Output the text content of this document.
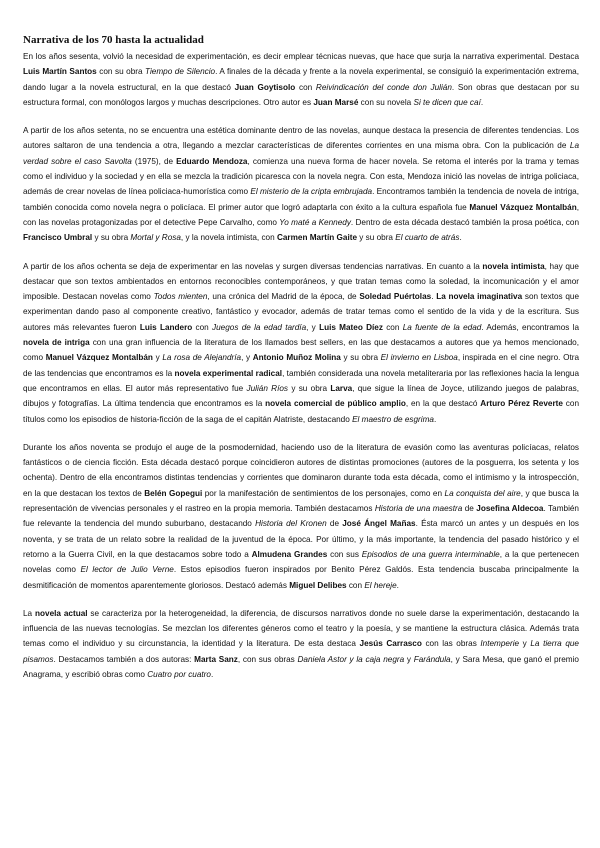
Narrativa de los 70 hasta la actualidad

En los años sesenta, volvió la necesidad de experimentación, es decir emplear técnicas nuevas, que hace que surja la narrativa experimental. Destaca Luis Martín Santos con su obra Tiempo de Silencio. A finales de la década y frente a la novela experimental, se consiguió la experimentación extrema, dando lugar a la novela estructural, en la que destacó Juan Goytisolo con Reivindicación del conde don Julián. Son obras que destacan por su estructura formal, con monólogos largos y muchas descripciones. Otro autor es Juan Marsé con su novela Si te dicen que caí.

A partir de los años setenta, no se encuentra una estética dominante dentro de las novelas, aunque destaca la presencia de diferentes tendencias. Los autores saltaron de una tendencia a otra, llegando a mezclar características de diferentes corrientes en una misma obra. Con la publicación de La verdad sobre el caso Savolta (1975), de Eduardo Mendoza, comienza una nueva forma de hacer novela. Se retoma el interés por la trama y temas como el individuo y la sociedad y en ella se mezcla la tradición picaresca con la novela negra. Con esta, Mendoza inició las novelas de intriga policiaca, además de crear novelas de línea policiaca-humorística como El misterio de la cripta embrujada. Encontramos también la tendencia de novela de intriga, también conocida como novela negra o policíaca. El primer autor que logró adaptarla con éxito a la cultura española fue Manuel Vázquez Montalbán, con las novelas protagonizadas por el detective Pepe Carvalho, como Yo maté a Kennedy. Dentro de esta década destacó también la prosa poética, con Francisco Umbral y su obra Mortal y Rosa, y la novela intimista, con Carmen Martín Gaite y su obra El cuarto de atrás.

A partir de los años ochenta se deja de experimentar en las novelas y surgen diversas tendencias narrativas. En cuanto a la novela intimista, hay que destacar que son textos ambientados en entornos reconocibles contemporáneos, y que tratan temas como la soledad, la incomunicación y el amor imposible. Destacan novelas como Todos mienten, una crónica del Madrid de la época, de Soledad Puértolas. La novela imaginativa son textos que experimentan dando paso al componente creativo, fantástico y evocador, además de tratar temas como el sentido de la vida y de la escritura. Sus autores más relevantes fueron Luis Landero con Juegos de la edad tardía, y Luis Mateo Díez con La fuente de la edad. Además, encontramos la novela de intriga con una gran influencia de la literatura de los llamados best sellers, en las que destacamos a autores que ya hemos mencionado, como Manuel Vázquez Montalbán y La rosa de Alejandría, y Antonio Muñoz Molina y su obra El invierno en Lisboa, inspirada en el cine negro. Otra de las tendencias que encontramos es la novela experimental radical, también considerada una novela metaliteraria por las reflexiones hacia la lengua que encontramos en ellas. El autor más representativo fue Julián Ríos y su obra Larva, que sigue la línea de Joyce, utilizando juegos de palabras, dibujos y fotografías. La última tendencia que encontramos es la novela comercial de público amplio, en la que destacó Arturo Pérez Reverte con títulos como los episodios de historia-ficción de la saga de el capitán Alatriste, destacando El maestro de esgrima.

Durante los años noventa se produjo el auge de la posmodernidad, haciendo uso de la literatura de evasión como las aventuras policíacas, relatos fantásticos o de ciencia ficción. Esta década destacó porque coincidieron autores de distintas promociones (autores de la posguerra, los setenta y los ochenta). Dentro de ella encontramos distintas tendencias y corrientes que dominaron durante toda esta década, como el intimismo y la introspección, en la que destacan los textos de Belén Gopegui por la manifestación de sentimientos de los personajes, como en La conquista del aire, y que busca la representación de vivencias personales y el rastreo en la propia memoria. También destacamos Historia de una maestra de Josefina Aldecoa. También fue relevante la tendencia del mundo suburbano, destacando Historia del Kronen de José Ángel Mañas. Ésta marcó un antes y un después en los noventa, y se trata de un relato sobre la realidad de la juventud de la época. Por último, y la más importante, la tendencia del pasado histórico y el retorno a la Guerra Civil, en la que destacamos sobre todo a Almudena Grandes con sus Episodios de una guerra interminable, a la que pertenecen novelas como El lector de Julio Verne. Estos episodios fueron inspirados por Benito Pérez Galdós. Esta tendencia buscaba principalmente la desmitificación de momentos aparentemente gloriosos. Destacó además Miguel Delibes con El hereje.

La novela actual se caracteriza por la heterogeneidad, la diferencia, de discursos narrativos donde no suele darse la experimentación, destacando la influencia de las nuevas tecnologías. Se mezclan los diferentes géneros como el teatro y la poesía, y se mantiene la estructura clásica. Además trata temas como el individuo y su circunstancia, la identidad y la literatura. De esta destaca Jesús Carrasco con las obras Intemperie y La tierra que pisamos. Destacamos también a dos autoras: Marta Sanz, con sus obras Daniela Astor y la caja negra y Farándula, y Sara Mesa, que ganó el premio Anagrama, y escribió obras como Cuatro por cuatro.
